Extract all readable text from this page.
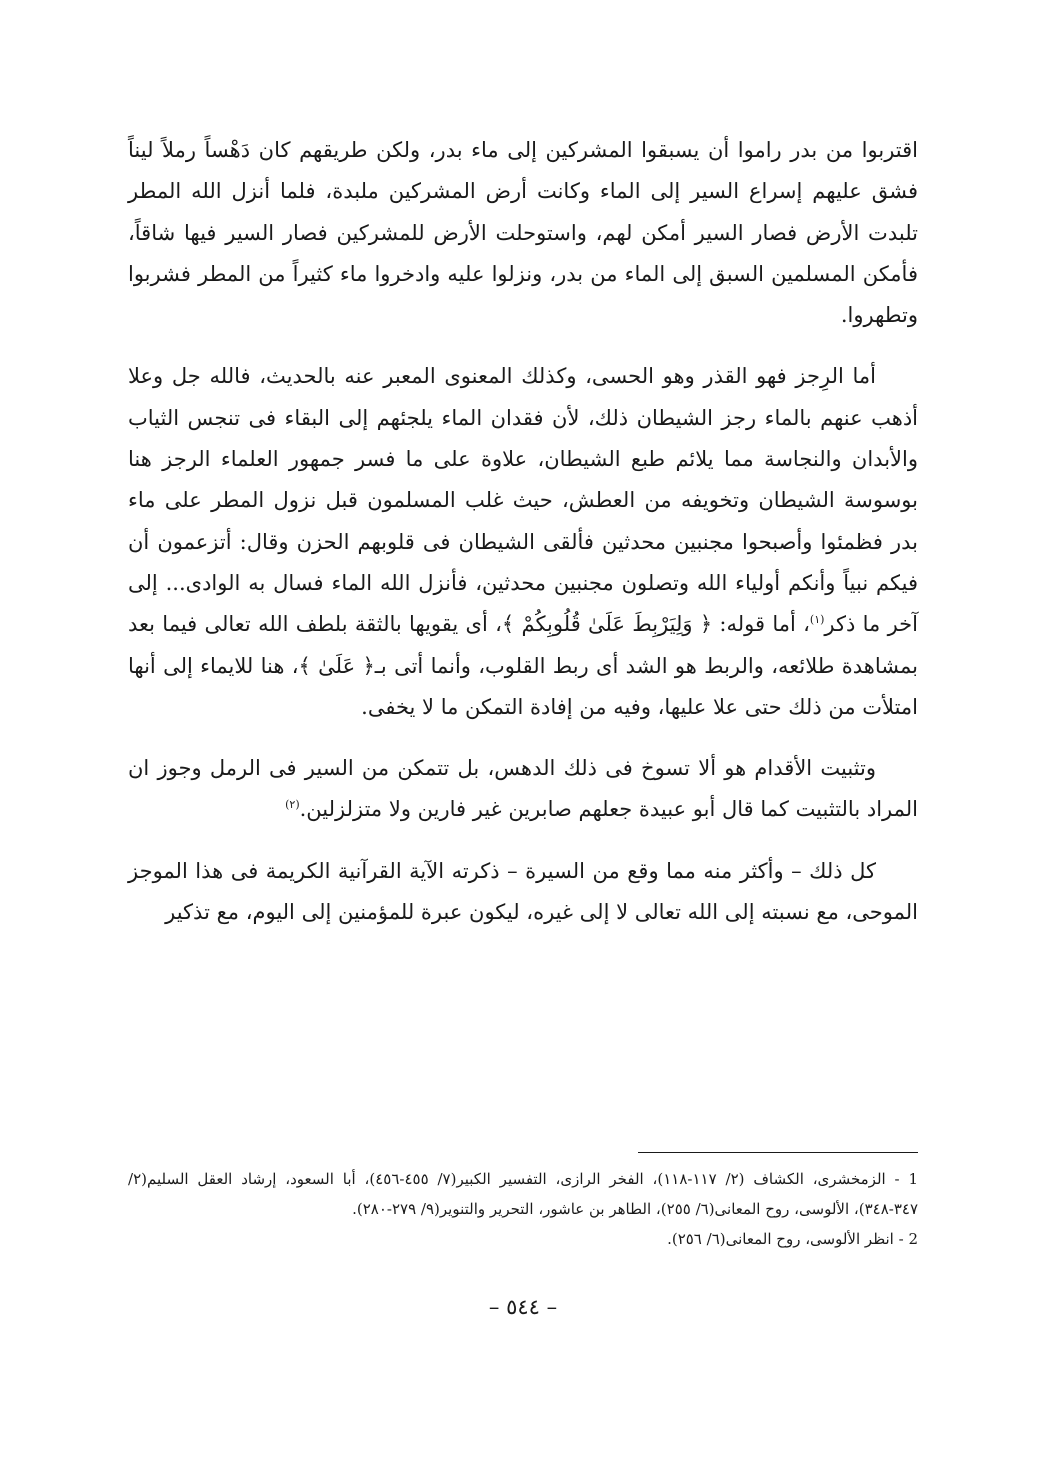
اقتربوا من بدر راموا أن يسبقوا المشركين إلى ماء بدر، ولكن طريقهم كان دَهْساً رملاً ليناً فشق عليهم إسراع السير إلى الماء وكانت أرض المشركين ملبدة، فلما أنزل الله المطر تلبدت الأرض فصار السير أمكن لهم، واستوحلت الأرض للمشركين فصار السير فيها شاقاً، فأمكن المسلمين السبق إلى الماء من بدر، ونزلوا عليه وادخروا ماء كثيراً من المطر فشربوا وتطهروا.

أما الرِجز فهو القذر وهو الحسى، وكذلك المعنوى المعبر عنه بالحديث، فالله جل وعلا أذهب عنهم بالماء رجز الشيطان ذلك، لأن فقدان الماء يلجئهم إلى البقاء فى تنجس الثياب والأبدان والنجاسة مما يلائم طبع الشيطان، علاوة على ما فسر جمهور العلماء الرجز هنا بوسوسة الشيطان وتخويفه من العطش، حيث غلب المسلمون قبل نزول المطر على ماء بدر فظمئوا وأصبحوا مجنبين محدثين فألقى الشيطان فى قلوبهم الحزن وقال: أتزعمون أن فيكم نبياً وأنكم أولياء الله وتصلون مجنبين محدثين، فأنزل الله الماء فسال به الوادى... إلى آخر ما ذكر$^{(١)}$، أما قوله: ﴿ وَلِيَرْبِطَ عَلَىٰ قُلُوبِكُمْ ﴾، أى يقويها بالثقة بلطف الله تعالى فيما بعد بمشاهدة طلائعه، والربط هو الشد أى ربط القلوب، وأنما أتى بـ﴿ عَلَىٰ ﴾، هنا للايماء إلى أنها امتلأت من ذلك حتى علا عليها، وفيه من إفادة التمكن ما لا يخفى.

وتثبيت الأقدام هو ألا تسوخ فى ذلك الدهس، بل تتمكن من السير فى الرمل وجوز ان المراد بالتثبيت كما قال أبو عبيدة جعلهم صابرين غير فارين ولا متزلزلين.$^{(٢)}$

كل ذلك – وأكثر منه مما وقع من السيرة – ذكرته الآية القرآنية الكريمة فى هذا الموجز الموحى، مع نسبته إلى الله تعالى لا إلى غيره، ليكون عبرة للمؤمنين إلى اليوم، مع تذكير

1 - الزمخشرى، الكشاف (٢/ ١١٧-١١٨)، الفخر الرازى، التفسير الكبير(٧/ ٤٥٥-٤٥٦)، أبا السعود، إرشاد العقل السليم(٢/ ٣٤٧-٣٤٨)، الألوسى، روح المعانى(٦/ ٢٥٥)، الطاهر بن عاشور، التحرير والتنوير(٩/ ٢٧٩-٢٨٠).

2 - انظر الألوسى، روح المعانى(٦/ ٢٥٦).

– ٥٤٤ –
